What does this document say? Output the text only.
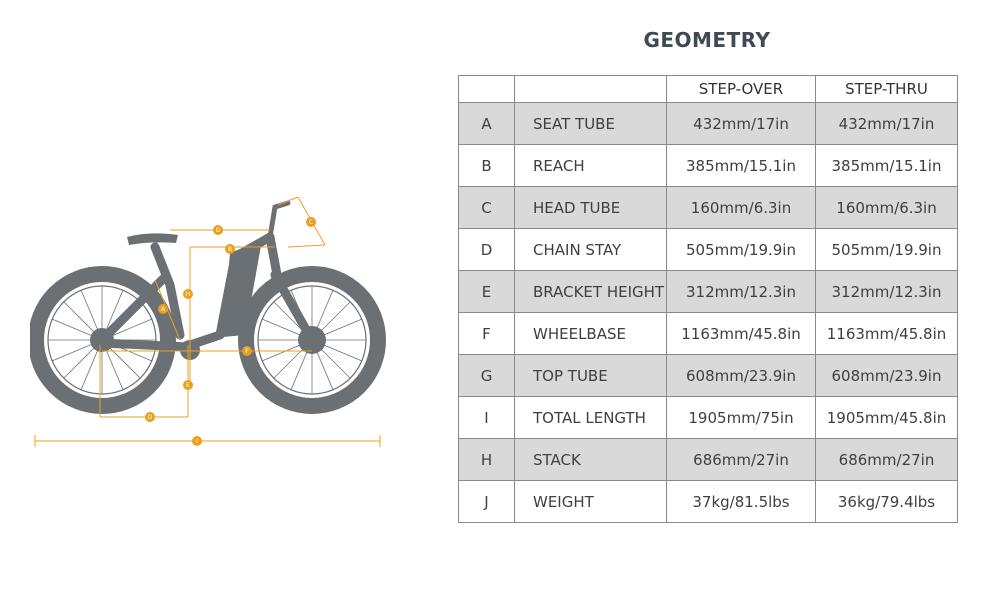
GEOMETRY
A
B
C
D
E
F
G
H
I
		STEP-OVER	STEP-THRU
A	SEAT TUBE	432mm/17in	432mm/17in
B	REACH	385mm/15.1in	385mm/15.1in
C	HEAD TUBE	160mm/6.3in	160mm/6.3in
D	CHAIN STAY	505mm/19.9in	505mm/19.9in
E	BRACKET HEIGHT	312mm/12.3in	312mm/12.3in
F	WHEELBASE	1163mm/45.8in	1163mm/45.8in
G	TOP TUBE	608mm/23.9in	608mm/23.9in
I	TOTAL LENGTH	1905mm/75in	1905mm/45.8in
H	STACK	686mm/27in	686mm/27in
J	WEIGHT	37kg/81.5lbs	36kg/79.4lbs
